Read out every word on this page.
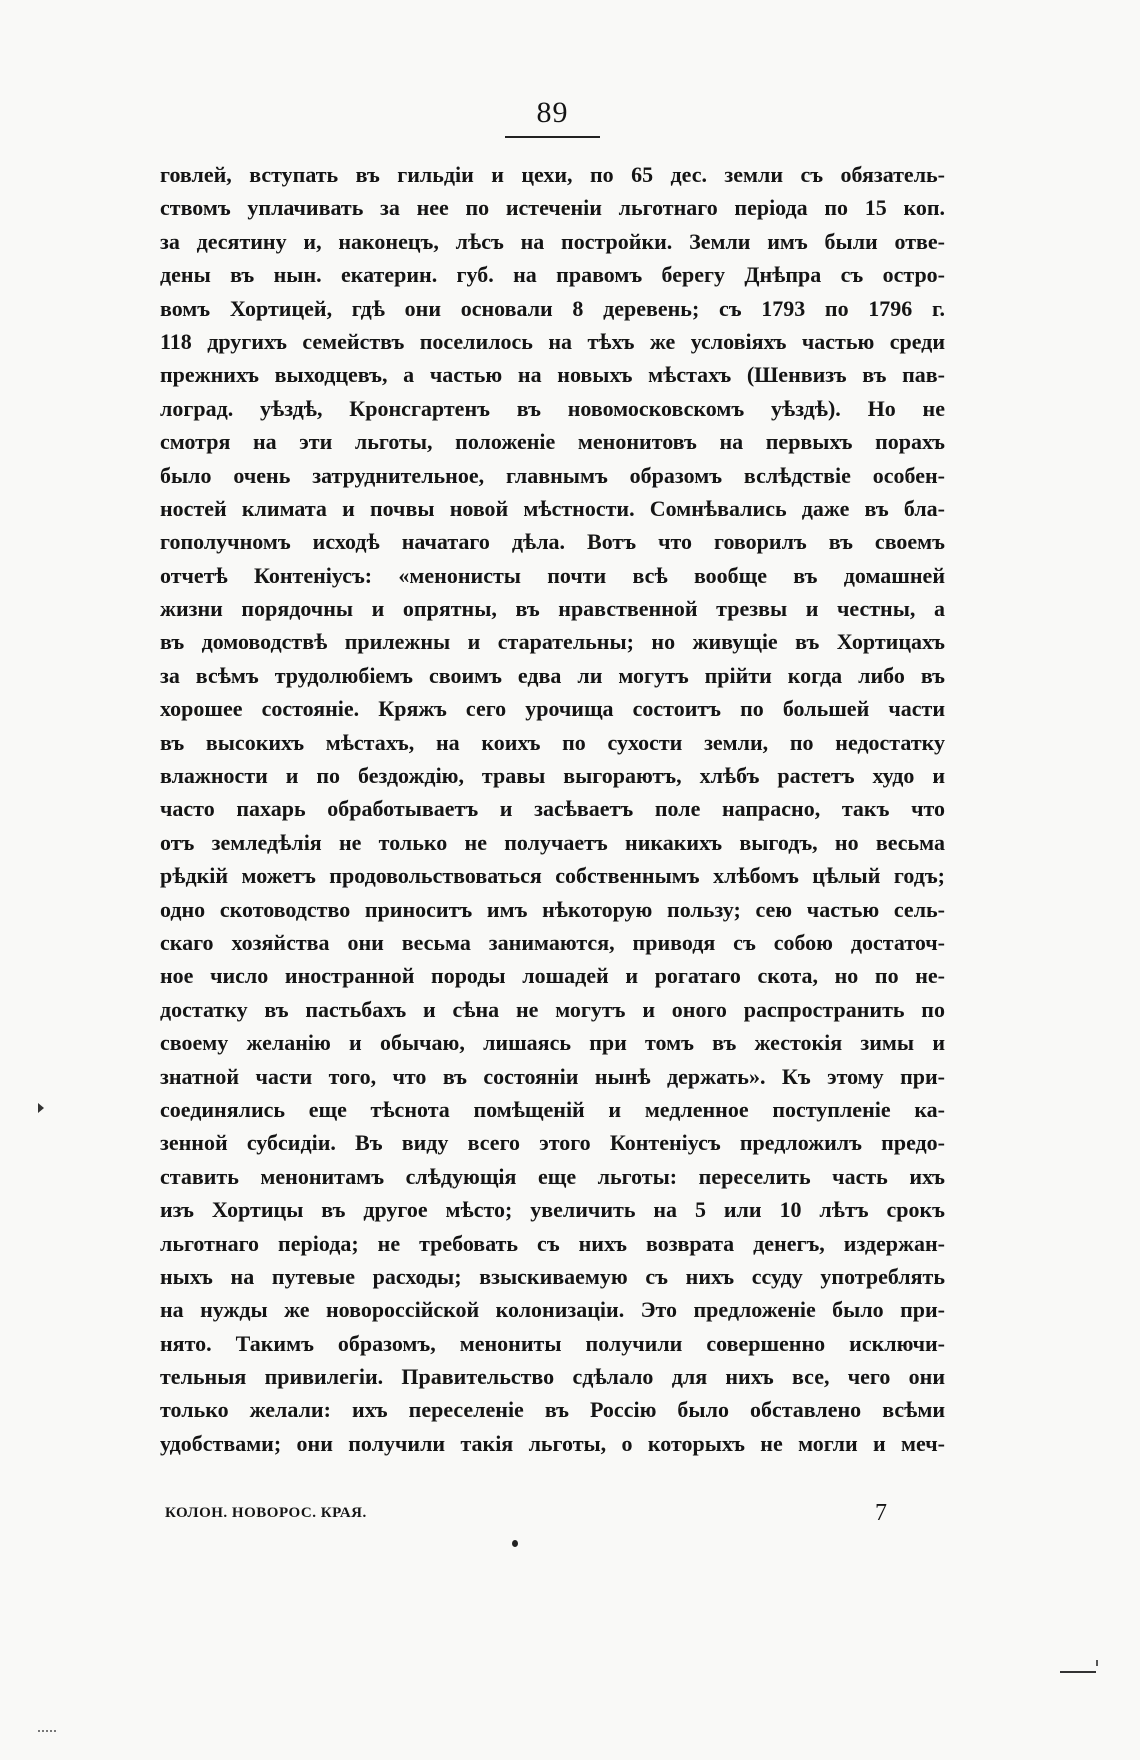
89
говлей, вступать въ гильдіи и цехи, по 65 дес. земли съ обязатель-
ствомъ уплачивать за нее по истеченіи льготнаго періода по 15 коп.
за десятину и, наконецъ, лѣсъ на постройки. Земли имъ были отве-
дены въ нын. екатерин. губ. на правомъ берегу Днѣпра съ остро-
вомъ Хортицей, гдѣ они основали 8 деревень; съ 1793 по 1796 г.
118 другихъ семействъ поселилось на тѣхъ же условіяхъ частью среди
прежнихъ выходцевъ, а частью на новыхъ мѣстахъ (Шенвизъ въ пав-
логрaд. уѣздѣ, Кронсгартенъ въ новомосковскомъ уѣздѣ). Но не
смотря на эти льготы, положеніе менонитовъ на первыхъ порахъ
было очень затруднительное, главнымъ образомъ вслѣдствіе особен-
ностей климата и почвы новой мѣстности. Сомнѣвались даже въ бла-
гополучномъ исходѣ начатаго дѣла. Вотъ что говорилъ въ своемъ
отчетѣ Контеніусъ: «менониcты почти всѣ вообще въ домашней
жизни порядочны и опрятны, въ нравственной трезвы и честны, а
въ домоводствѣ прилежны и старательны; но живущіе въ Хортицахъ
за всѣмъ трудолюбіемъ своимъ едва ли могутъ прійти когда либо въ
хорошее состояніе. Кряжъ сего урочища состоитъ по большей части
въ высокихъ мѣстахъ, на коихъ по сухости земли, по недостатку
влажности и по бездождію, травы выгораютъ, хлѣбъ растетъ худо и
часто пахарь обработываетъ и засѣваетъ поле напрасно, такъ что
отъ земледѣлія не только не получаетъ никакихъ выгодъ, но весьма
рѣдкій можетъ продовольствоваться собственнымъ хлѣбомъ цѣлый годъ;
одно скотоводство приноситъ имъ нѣкоторую пользу; сею частью сель-
скаго хозяйства они весьма занимаются, приводя съ собою достаточ-
ное число иностранной породы лошадей и рогатаго скота, но по не-
достатку въ пастьбахъ и сѣна не могутъ и оного распространить по
своему желанію и обычаю, лишаясь при томъ въ жестокія зимы и
знатной части того, что въ состояніи нынѣ держать». Къ этому при-
соединялись еще тѣснота помѣщеній и медленное поступленіе ка-
зенной субсидіи. Въ виду всего этого Контеніусъ предложилъ предо-
ставить менонитамъ слѣдующія еще льготы: переселить часть ихъ
изъ Хортицы въ другое мѣсто; увеличить на 5 или 10 лѣтъ срокъ
льготнаго періода; не требовать съ нихъ возврата денегъ, издержан-
ныхъ на путевые расходы; взыскиваемую съ нихъ ссуду употреблять
на нужды же новороссійской колонизаціи. Это предложеніе было при-
нято. Такимъ образомъ, менониты получили совершенно исключи-
тельныя привилегіи. Правительство сдѣлало для нихъ все, чего они
только желали: ихъ переселеніе въ Россію было обставлено всѣми
удобствами; они получили такія льготы, о которыхъ не могли и меч-
КОЛОН. НОВОРОС. КРАЯ.	7
